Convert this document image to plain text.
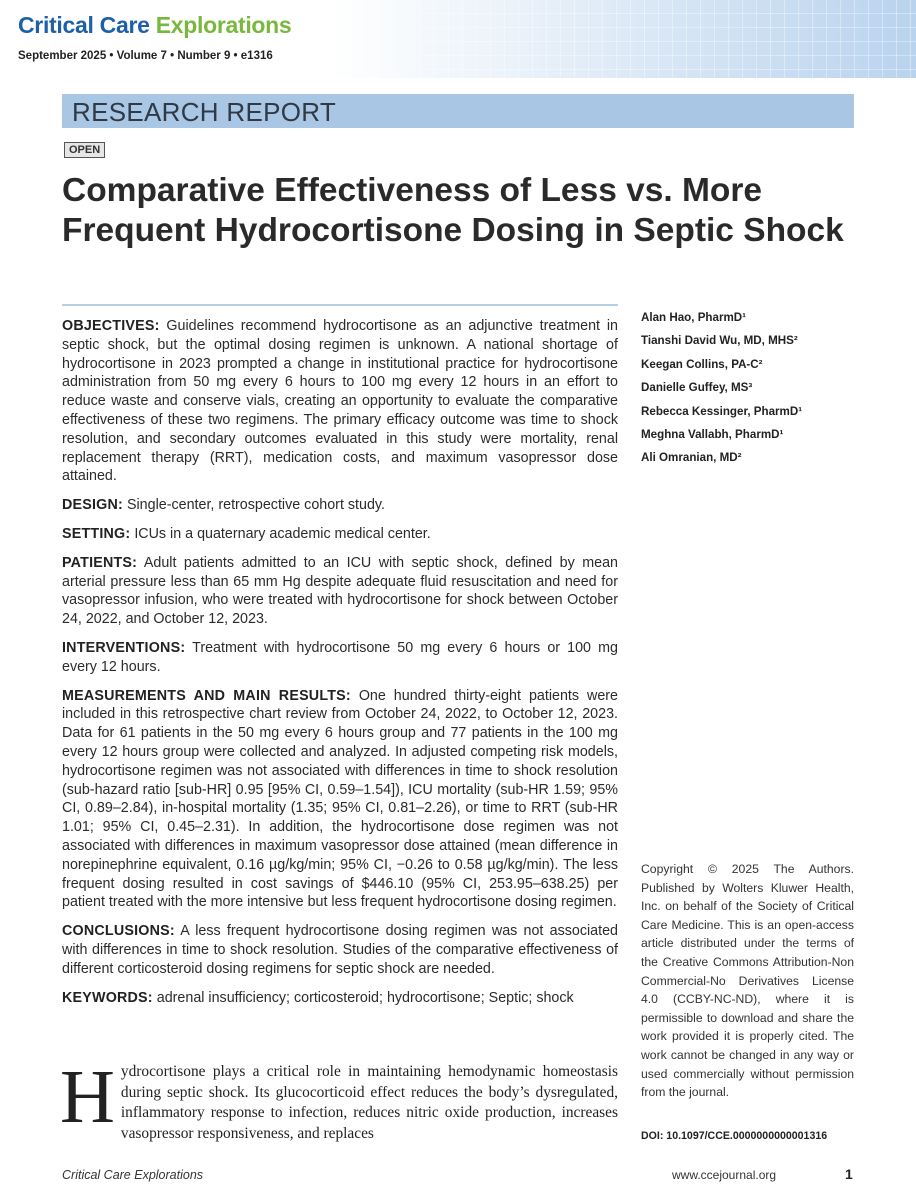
Critical Care Explorations
September 2025 • Volume 7 • Number 9 • e1316
RESEARCH REPORT
OPEN
Comparative Effectiveness of Less vs. More Frequent Hydrocortisone Dosing in Septic Shock

OBJECTIVES: Guidelines recommend hydrocortisone as an adjunctive treatment in septic shock, but the optimal dosing regimen is unknown. A national shortage of hydrocortisone in 2023 prompted a change in institutional practice for hydrocortisone administration from 50 mg every 6 hours to 100 mg every 12 hours in an effort to reduce waste and conserve vials, creating an opportunity to evaluate the comparative effectiveness of these two regimens. The primary efficacy outcome was time to shock resolution, and secondary outcomes evaluated in this study were mortality, renal replacement therapy (RRT), medication costs, and maximum vasopressor dose attained.

DESIGN: Single-center, retrospective cohort study.

SETTING: ICUs in a quaternary academic medical center.

PATIENTS: Adult patients admitted to an ICU with septic shock, defined by mean arterial pressure less than 65 mm Hg despite adequate fluid resuscitation and need for vasopressor infusion, who were treated with hydrocortisone for shock between October 24, 2022, and October 12, 2023.

INTERVENTIONS: Treatment with hydrocortisone 50 mg every 6 hours or 100 mg every 12 hours.

MEASUREMENTS AND MAIN RESULTS: One hundred thirty-eight patients were included in this retrospective chart review from October 24, 2022, to October 12, 2023. Data for 61 patients in the 50 mg every 6 hours group and 77 patients in the 100 mg every 12 hours group were collected and analyzed. In adjusted competing risk models, hydrocortisone regimen was not associated with differences in time to shock resolution (sub-hazard ratio [sub-HR] 0.95 [95% CI, 0.59–1.54]), ICU mortality (sub-HR 1.59; 95% CI, 0.89–2.84), in-hospital mortality (1.35; 95% CI, 0.81–2.26), or time to RRT (sub-HR 1.01; 95% CI, 0.45–2.31). In addition, the hydrocortisone dose regimen was not associated with differences in maximum vasopressor dose attained (mean difference in norepinephrine equivalent, 0.16 µg/kg/min; 95% CI, −0.26 to 0.58 µg/kg/min). The less frequent dosing resulted in cost savings of $446.10 (95% CI, 253.95–638.25) per patient treated with the more intensive but less frequent hydrocortisone dosing regimen.

CONCLUSIONS: A less frequent hydrocortisone dosing regimen was not associated with differences in time to shock resolution. Studies of the comparative effectiveness of different corticosteroid dosing regimens for septic shock are needed.

KEYWORDS: adrenal insufficiency; corticosteroid; hydrocortisone; Septic; shock

Alan Hao, PharmD¹
Tianshi David Wu, MD, MHS²
Keegan Collins, PA-C²
Danielle Guffey, MS³
Rebecca Kessinger, PharmD¹
Meghna Vallabh, PharmD¹
Ali Omranian, MD²

Copyright © 2025 The Authors. Published by Wolters Kluwer Health, Inc. on behalf of the Society of Critical Care Medicine. This is an open-access article distributed under the terms of the Creative Commons Attribution-Non Commercial-No Derivatives License 4.0 (CCBY-NC-ND), where it is permissible to download and share the work provided it is properly cited. The work cannot be changed in any way or used commercially without permission from the journal.

DOI: 10.1097/CCE.0000000000001316

Hydrocortisone plays a critical role in maintaining hemodynamic homeostasis during septic shock. Its glucocorticoid effect reduces the body’s dysregulated, inflammatory response to infection, reduces nitric oxide production, increases vasopressor responsiveness, and replaces

Critical Care Explorations	www.ccejournal.org	1
